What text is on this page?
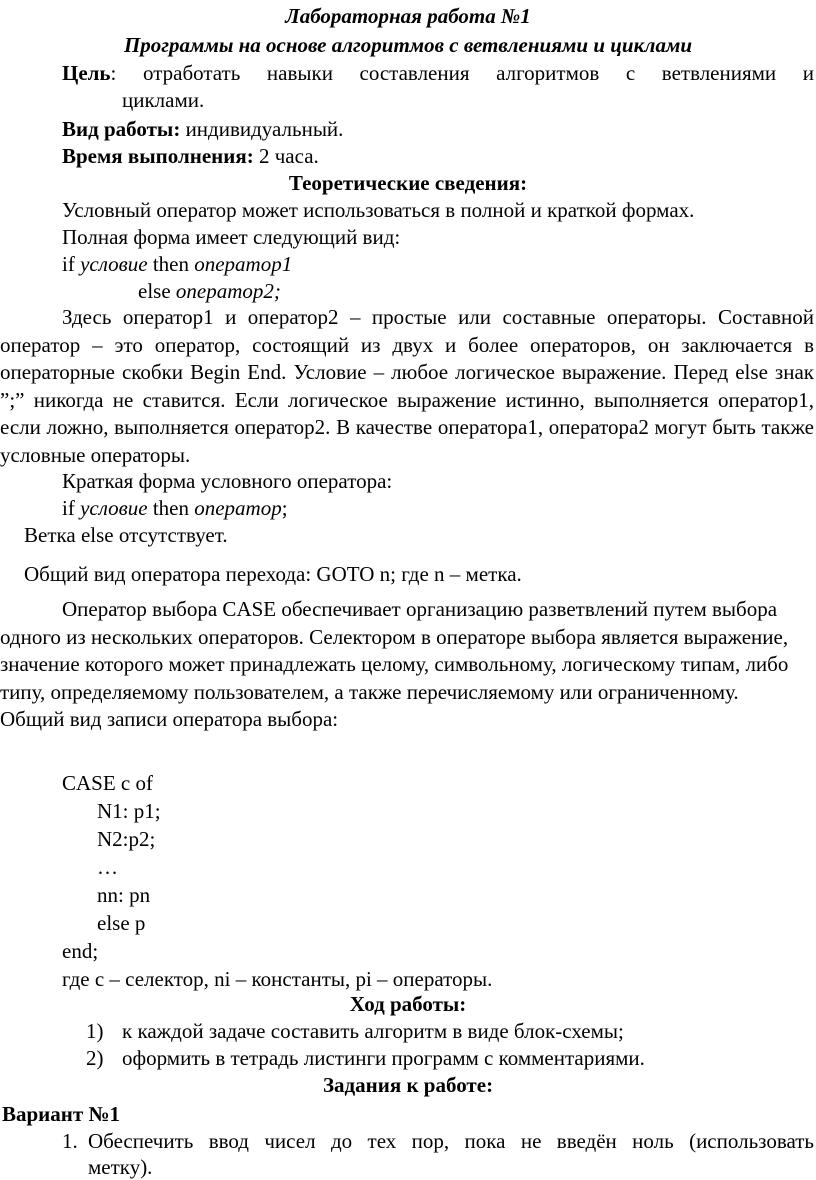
Лабораторная работа №1
Программы на основе алгоритмов с ветвлениями и циклами
Цель: отработать навыки составления алгоритмов с ветвлениями и
циклами.
Вид работы: индивидуальный.
Время выполнения: 2 часа.
Теоретические сведения:
Условный оператор может использоваться в полной и краткой формах.
Полная форма имеет следующий вид:
if условие then оператор1
else оператор2;
Здесь оператор1 и оператор2 – простые или составные операторы. Составной оператор – это оператор, состоящий из двух и более операторов, он заключается в операторные скобки Begin End. Условие – любое логическое выражение. Перед else знак ”;” никогда не ставится. Если логическое выражение истинно, выполняется оператор1, если ложно, выполняется оператор2. В качестве оператора1, оператора2 могут быть также условные операторы.
Краткая форма условного оператора:
if условие then оператор;
Ветка else отсутствует.
Общий вид оператора перехода: GOTO n; где n – метка.
Оператор выбора CASE обеспечивает организацию разветвлений путем выбора одного из нескольких операторов. Селектором в операторе выбора является выражение, значение которого может принадлежать целому, символьному, логическому типам, либо типу, определяемому пользователем, а также перечисляемому или ограниченному. Общий вид записи оператора выбора:
CASE c of
N1: p1;
N2:p2;
…
nn: pn
else p
end;
где c – селектор, ni – константы, pi – операторы.
Ход работы:
1) к каждой задаче составить алгоритм в виде блок-схемы;
2) оформить в тетрадь листинги программ с комментариями.
Задания к работе:
Вариант №1
1. Обеспечить ввод чисел до тех пор, пока не введён ноль (использовать
метку).
